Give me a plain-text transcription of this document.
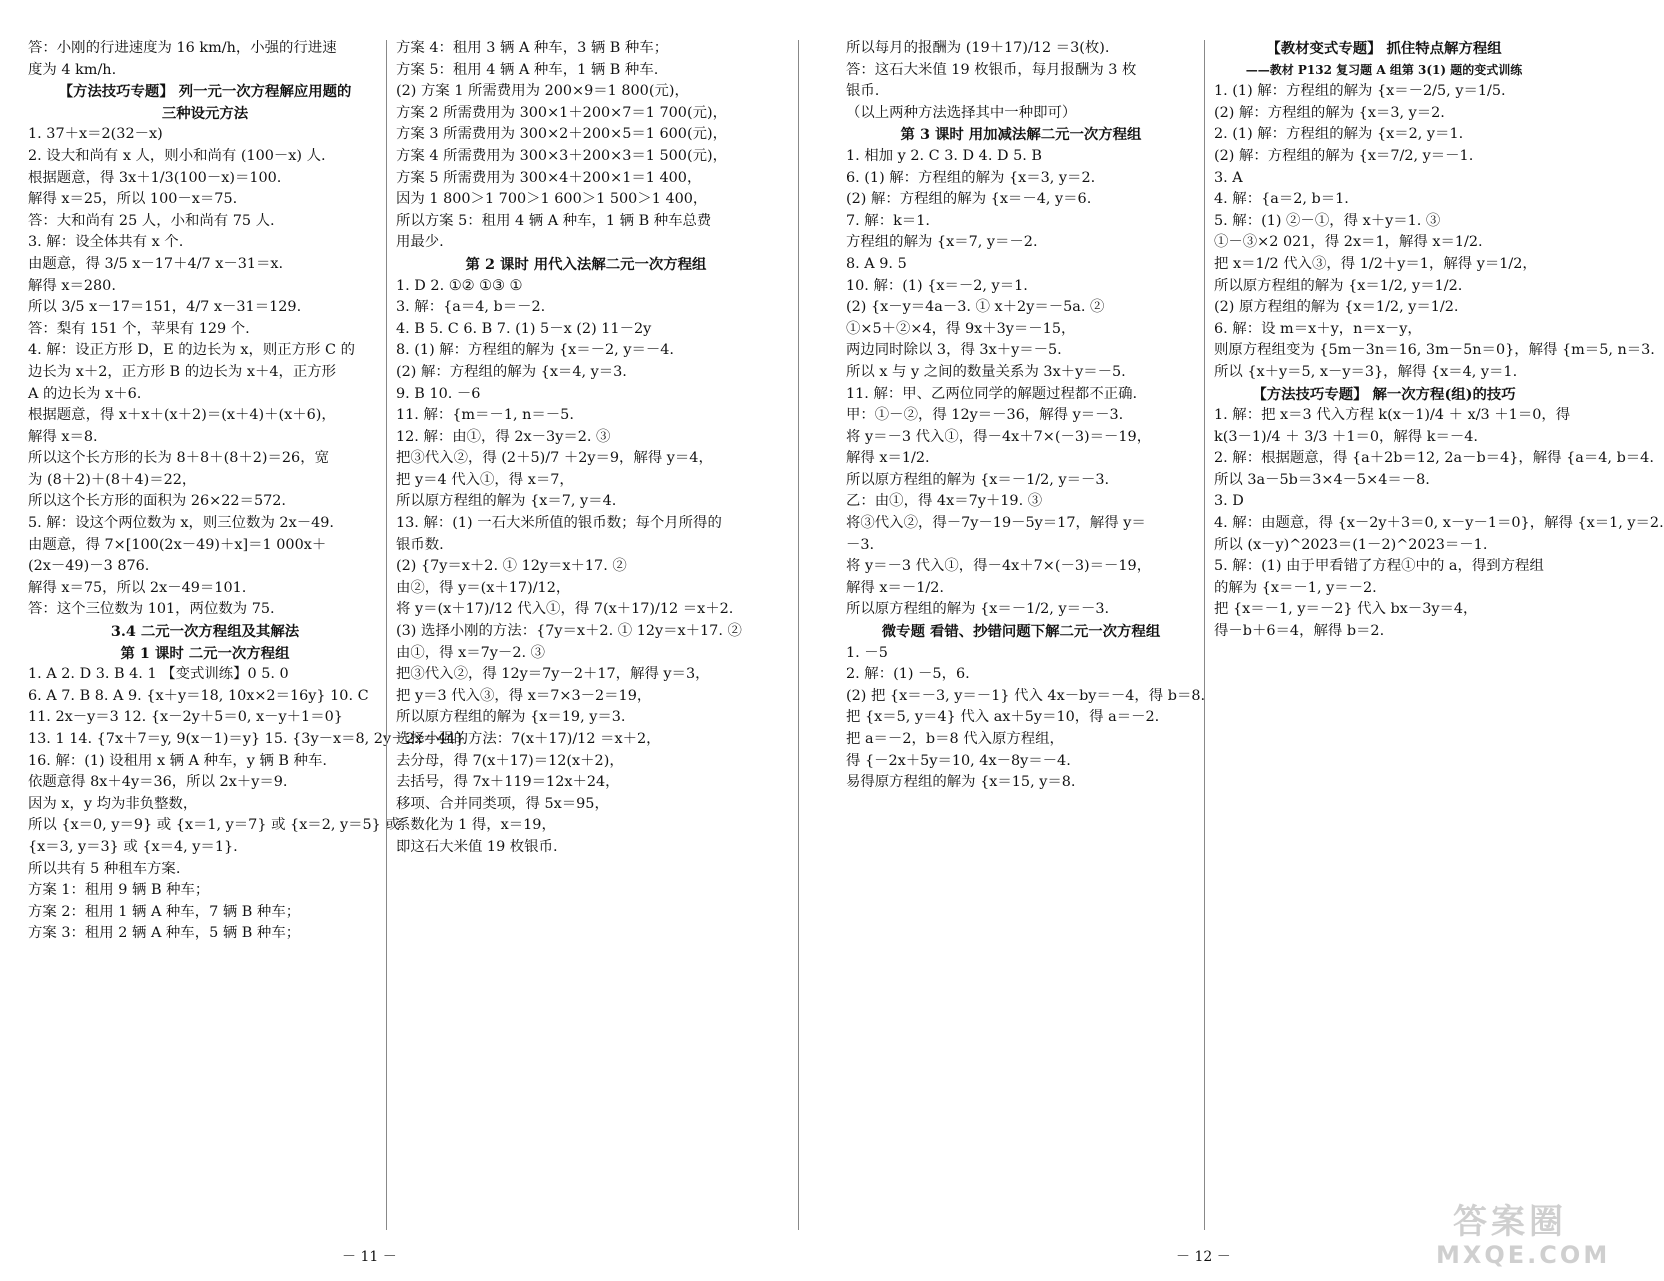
答：小刚的行进速度为 16 km/h，小强的行进速

度为 4 km/h.

【方法技巧专题】 列一元一次方程解应用题的

三种设元方法

1. 37＋x＝2(32－x)

2. 设大和尚有 x 人，则小和尚有 (100－x) 人.

根据题意，得 3x＋1/3(100－x)＝100.

解得 x＝25，所以 100－x＝75.

答：大和尚有 25 人，小和尚有 75 人.

3. 解：设全体共有 x 个.

由题意，得 3/5 x－17＋4/7 x－31＝x.

解得 x＝280.

所以 3/5 x－17＝151，4/7 x－31＝129.

答：梨有 151 个，苹果有 129 个.

4. 解：设正方形 D，E 的边长为 x，则正方形 C 的

边长为 x＋2，正方形 B 的边长为 x＋4，正方形

A 的边长为 x＋6.

根据题意，得 x＋x＋(x＋2)＝(x＋4)＋(x＋6)，

解得 x＝8.

所以这个长方形的长为 8＋8＋(8＋2)＝26，宽

为 (8＋2)＋(8＋4)＝22，

所以这个长方形的面积为 26×22＝572.

5. 解：设这个两位数为 x，则三位数为 2x－49.

由题意，得 7×[100(2x－49)＋x]＝1 000x＋

(2x－49)－3 876.

解得 x＝75，所以 2x－49＝101.

答：这个三位数为 101，两位数为 75.

3.4 二元一次方程组及其解法

第 1 课时 二元一次方程组

1. A 2. D 3. B 4. 1 【变式训练】0 5. 0

6. A 7. B 8. A 9. {x＋y＝18, 10x×2＝16y} 10. C

11. 2x－y＝3 12. {x－2y＋5＝0, x－y＋1＝0}

13. 1 14. {7x＋7＝y, 9(x－1)＝y} 15. {3y－x＝8, 2y－2x＝44}

16. 解：(1) 设租用 x 辆 A 种车，y 辆 B 种车.

依题意得 8x＋4y＝36，所以 2x＋y＝9.

因为 x，y 均为非负整数，

所以 {x＝0, y＝9} 或 {x＝1, y＝7} 或 {x＝2, y＝5} 或

{x＝3, y＝3} 或 {x＝4, y＝1}.

所以共有 5 种租车方案.

方案 1：租用 9 辆 B 种车；

方案 2：租用 1 辆 A 种车，7 辆 B 种车；

方案 3：租用 2 辆 A 种车，5 辆 B 种车；

方案 4：租用 3 辆 A 种车，3 辆 B 种车；

方案 5：租用 4 辆 A 种车，1 辆 B 种车.

(2) 方案 1 所需费用为 200×9＝1 800(元)，

方案 2 所需费用为 300×1＋200×7＝1 700(元)，

方案 3 所需费用为 300×2＋200×5＝1 600(元)，

方案 4 所需费用为 300×3＋200×3＝1 500(元)，

方案 5 所需费用为 300×4＋200×1＝1 400，

因为 1 800＞1 700＞1 600＞1 500＞1 400，

所以方案 5：租用 4 辆 A 种车，1 辆 B 种车总费

用最少.

第 2 课时 用代入法解二元一次方程组

1. D 2. ①② ①③ ①

3. 解：{a＝4, b＝－2.

4. B 5. C 6. B 7. (1) 5－x (2) 11－2y

8. (1) 解：方程组的解为 {x＝－2, y＝－4.

(2) 解：方程组的解为 {x＝4, y＝3.

9. B 10. －6

11. 解：{m＝－1, n＝－5.

12. 解：由①，得 2x－3y＝2. ③

把③代入②，得 (2＋5)/7 ＋2y＝9，解得 y＝4，

把 y＝4 代入①，得 x＝7，

所以原方程组的解为 {x＝7, y＝4.

13. 解：(1) 一石大米所值的银币数；每个月所得的

银币数.

(2) {7y＝x＋2. ① 12y＝x＋17. ②

由②，得 y＝(x＋17)/12，

将 y＝(x＋17)/12 代入①，得 7(x＋17)/12 ＝x＋2.

(3) 选择小刚的方法：{7y＝x＋2. ① 12y＝x＋17. ②

由①，得 x＝7y－2. ③

把③代入②，得 12y＝7y－2＋17，解得 y＝3，

把 y＝3 代入③，得 x＝7×3－2＝19，

所以原方程组的解为 {x＝19, y＝3.

选择小强的方法：7(x＋17)/12 ＝x＋2，

去分母，得 7(x＋17)＝12(x＋2)，

去括号，得 7x＋119＝12x＋24，

移项、合并同类项，得 5x＝95，

系数化为 1 得，x＝19，

即这石大米值 19 枚银币.

－ 11 －

所以每月的报酬为 (19＋17)/12 ＝3(枚).

答：这石大米值 19 枚银币，每月报酬为 3 枚

银币.

（以上两种方法选择其中一种即可）

第 3 课时 用加减法解二元一次方程组

1. 相加 y 2. C 3. D 4. D 5. B

6. (1) 解：方程组的解为 {x＝3, y＝2.

(2) 解：方程组的解为 {x＝－4, y＝6.

7. 解：k＝1.

方程组的解为 {x＝7, y＝－2.

8. A 9. 5

10. 解：(1) {x＝－2, y＝1.

(2) {x－y＝4a－3. ① x＋2y＝－5a. ②

①×5＋②×4，得 9x＋3y＝－15，

两边同时除以 3，得 3x＋y＝－5.

所以 x 与 y 之间的数量关系为 3x＋y＝－5.

11. 解：甲、乙两位同学的解题过程都不正确.

甲：①－②，得 12y＝－36，解得 y＝－3.

将 y＝－3 代入①，得－4x＋7×(－3)＝－19，

解得 x＝1/2.

所以原方程组的解为 {x＝－1/2, y＝－3.

乙：由①，得 4x＝7y＋19. ③

将③代入②，得－7y－19－5y＝17，解得 y＝

－3.

将 y＝－3 代入①，得－4x＋7×(－3)＝－19，

解得 x＝－1/2.

所以原方程组的解为 {x＝－1/2, y＝－3.

微专题 看错、抄错问题下解二元一次方程组

1. －5

2. 解：(1) －5，6.

(2) 把 {x＝－3, y＝－1} 代入 4x－by＝－4，得 b＝8.

把 {x＝5, y＝4} 代入 ax＋5y＝10，得 a＝－2.

把 a＝－2，b＝8 代入原方程组，

得 {－2x＋5y＝10, 4x－8y＝－4.

易得原方程组的解为 {x＝15, y＝8.

【教材变式专题】 抓住特点解方程组

——教材 P132 复习题 A 组第 3(1) 题的变式训练

1. (1) 解：方程组的解为 {x＝－2/5, y＝1/5.

(2) 解：方程组的解为 {x＝3, y＝2.

2. (1) 解：方程组的解为 {x＝2, y＝1.

(2) 解：方程组的解为 {x＝7/2, y＝－1.

3. A

4. 解：{a＝2, b＝1.

5. 解：(1) ②－①，得 x＋y＝1. ③

①－③×2 021，得 2x＝1，解得 x＝1/2.

把 x＝1/2 代入③，得 1/2＋y＝1，解得 y＝1/2，

所以原方程组的解为 {x＝1/2, y＝1/2.

(2) 原方程组的解为 {x＝1/2, y＝1/2.

6. 解：设 m＝x＋y，n＝x－y，

则原方程组变为 {5m－3n＝16, 3m－5n＝0}，解得 {m＝5, n＝3.

所以 {x＋y＝5, x－y＝3}，解得 {x＝4, y＝1.

【方法技巧专题】 解一次方程(组)的技巧

1. 解：把 x＝3 代入方程 k(x－1)/4 ＋ x/3 ＋1＝0，得

k(3－1)/4 ＋ 3/3 ＋1＝0，解得 k＝－4.

2. 解：根据题意，得 {a＋2b＝12, 2a－b＝4}，解得 {a＝4, b＝4.

所以 3a－5b＝3×4－5×4＝－8.

3. D

4. 解：由题意，得 {x－2y＋3＝0, x－y－1＝0}，解得 {x＝1, y＝2.

所以 (x－y)^2023＝(1－2)^2023＝－1.

5. 解：(1) 由于甲看错了方程①中的 a，得到方程组

的解为 {x＝－1, y＝－2.

把 {x＝－1, y＝－2} 代入 bx－3y＝4，

得－b＋6＝4，解得 b＝2.

－ 12 －
答案圈
MXQE.COM
